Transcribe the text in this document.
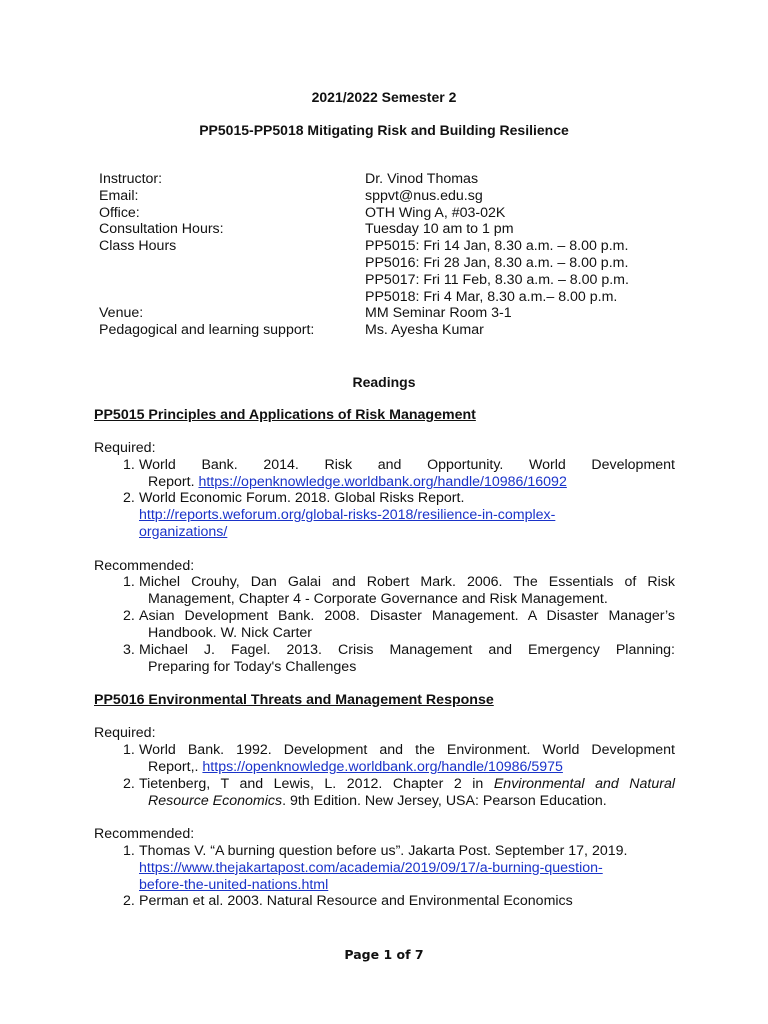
2021/2022 Semester 2
PP5015-PP5018 Mitigating Risk and Building Resilience
Instructor:	Dr. Vinod Thomas
Email:	sppvt@nus.edu.sg
Office:	OTH Wing A, #03-02K
Consultation Hours:	Tuesday 10 am to 1 pm
Class Hours	PP5015: Fri 14 Jan, 8.30 a.m. – 8.00 p.m.
PP5016: Fri 28 Jan, 8.30 a.m. – 8.00 p.m.
PP5017: Fri 11 Feb, 8.30 a.m. – 8.00 p.m.
PP5018: Fri 4 Mar, 8.30 a.m.– 8.00 p.m.
Venue:	MM Seminar Room 3-1
Pedagogical and learning support:	Ms. Ayesha Kumar
Readings
PP5015 Principles and Applications of Risk Management
Required:
1. World Bank. 2014. Risk and Opportunity. World Development
Report. https://openknowledge.worldbank.org/handle/10986/16092
2. World Economic Forum. 2018. Global Risks Report.
http://reports.weforum.org/global-risks-2018/resilience-in-complex-
organizations/
Recommended:
1. Michel Crouhy, Dan Galai and Robert Mark. 2006. The Essentials of Risk
Management, Chapter 4 - Corporate Governance and Risk Management.
2. Asian Development Bank. 2008. Disaster Management. A Disaster Manager’s
Handbook. W. Nick Carter
3. Michael J. Fagel. 2013. Crisis Management and Emergency Planning:
Preparing for Today's Challenges
PP5016 Environmental Threats and Management Response
Required:
1. World Bank. 1992. Development and the Environment. World Development
Report,. https://openknowledge.worldbank.org/handle/10986/5975
2. Tietenberg, T and Lewis, L. 2012. Chapter 2 in Environmental and Natural
Resource Economics. 9th Edition. New Jersey, USA: Pearson Education.
Recommended:
1. Thomas V. “A burning question before us”. Jakarta Post. September 17, 2019.
https://www.thejakartapost.com/academia/2019/09/17/a-burning-question-
before-the-united-nations.html
2. Perman et al. 2003. Natural Resource and Environmental Economics
Page 1 of 7
